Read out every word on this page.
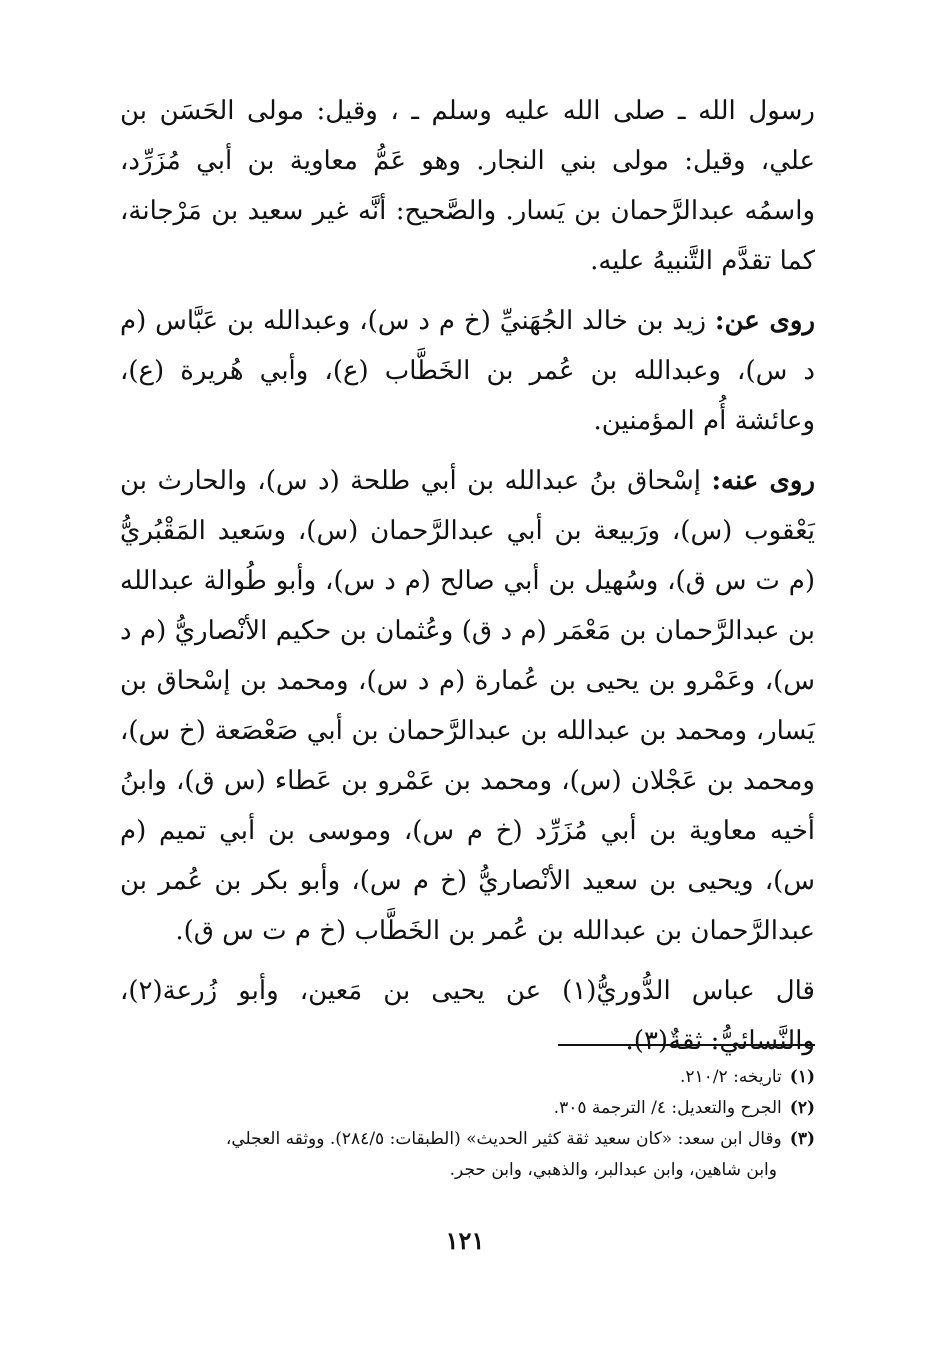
رسول الله ـ صلى الله عليه وسلم ـ ، وقيل: مولى الحَسَن بن علي، وقيل: مولى بني النجار. وهو عَمُّ معاوية بن أبي مُزَرِّد، واسمُه عبدالرَّحمان بن يَسار. والصَّحيح: أنَّه غير سعيد بن مَرْجانة، كما تقدَّم التَّنبيهُ عليه.

روى عن: زيد بن خالد الجُهَنيِّ (خ م د س)، وعبدالله بن عَبَّاس (م د س)، وعبدالله بن عُمر بن الخَطَّاب (ع)، وأبي هُريرة (ع)، وعائشة أُم المؤمنين.

روى عنه: إسْحاق بنُ عبدالله بن أبي طلحة (د س)، والحارث بن يَعْقوب (س)، ورَبيعة بن أبي عبدالرَّحمان (س)، وسَعيد المَقْبُريُّ (م ت س ق)، وسُهيل بن أبي صالح (م د س)، وأبو طُوالة عبدالله بن عبدالرَّحمان بن مَعْمَر (م د ق) وعُثمان بن حكيم الأنْصاريُّ (م د س)، وعَمْرو بن يحيى بن عُمارة (م د س)، ومحمد بن إسْحاق بن يَسار، ومحمد بن عبدالله بن عبدالرَّحمان بن أبي صَعْصَعة (خ س)، ومحمد بن عَجْلان (س)، ومحمد بن عَمْرو بن عَطاء (س ق)، وابنُ أخيه معاوية بن أبي مُزَرِّد (خ م س)، وموسى بن أبي تميم (م س)، ويحيى بن سعيد الأنْصاريُّ (خ م س)، وأبو بكر بن عُمر بن عبدالرَّحمان بن عبدالله بن عُمر بن الخَطَّاب (خ م ت س ق).

قال عباس الدُّوريُّ(١) عن يحيى بن مَعين، وأبو زُرعة(٢)، والنَّسائيُّ: ثقةٌ(٣).

(١)تاريخه: ٢١٠/٢.

(٢)الجرح والتعديل: ٤/ الترجمة ٣٠٥.

(٣)وقال ابن سعد: «كان سعيد ثقة كثير الحديث» (الطبقات: ٢٨٤/٥). ووثقه العجلي،

وابن شاهين، وابن عبدالبر، والذهبي، وابن حجر.

١٢١
